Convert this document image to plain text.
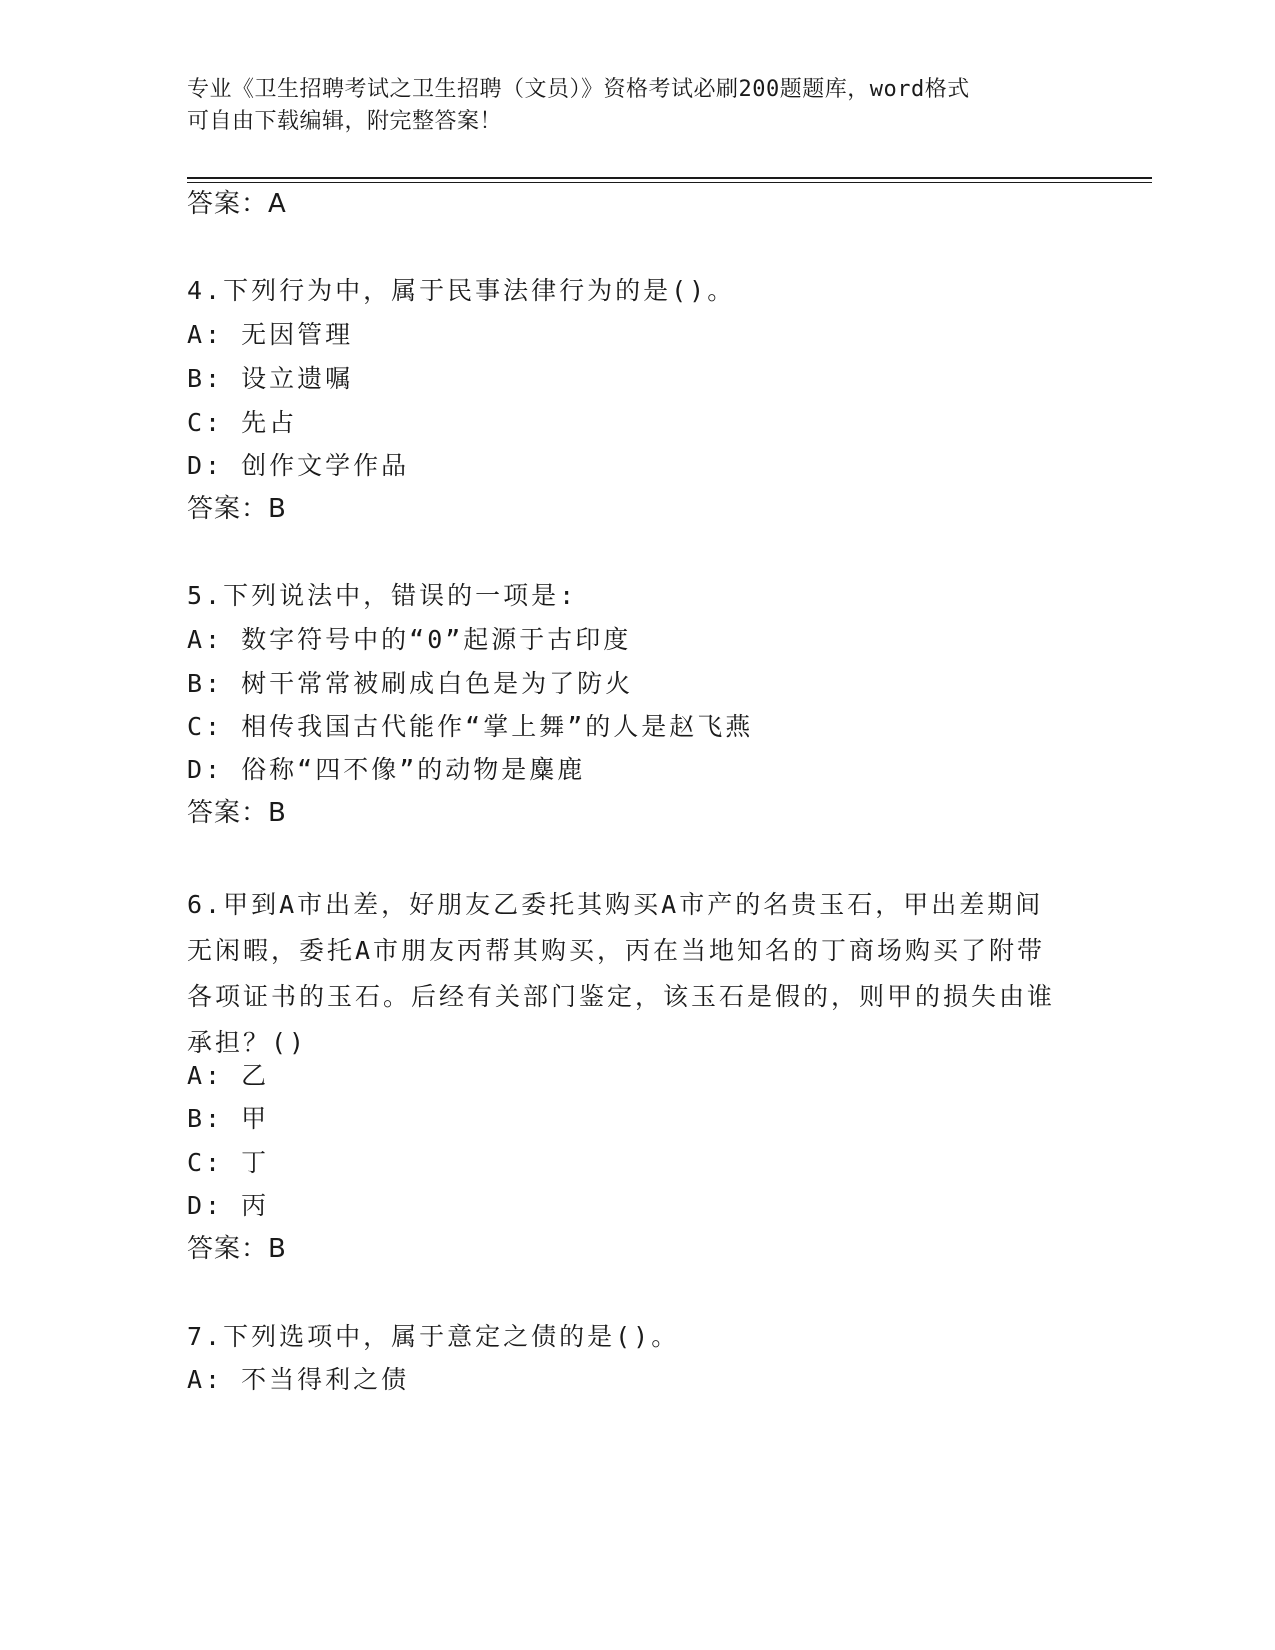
专业《卫生招聘考试之卫生招聘（文员）》资格考试必刷200题题库，word格式
可自由下载编辑，附完整答案！
答案：A
4.下列行为中，属于民事法律行为的是()。
A: 无因管理
B: 设立遗嘱
C: 先占
D: 创作文学作品
答案：B
5.下列说法中，错误的一项是:
A: 数字符号中的“0”起源于古印度
B: 树干常常被刷成白色是为了防火
C: 相传我国古代能作“掌上舞”的人是赵飞燕
D: 俗称“四不像”的动物是麋鹿
答案：B
6.甲到A市出差，好朋友乙委托其购买A市产的名贵玉石，甲出差期间无闲暇，委托A市朋友丙帮其购买，丙在当地知名的丁商场购买了附带各项证书的玉石。后经有关部门鉴定，该玉石是假的，则甲的损失由谁承担？()
A: 乙
B: 甲
C: 丁
D: 丙
答案：B
7.下列选项中，属于意定之债的是()。
A: 不当得利之债
